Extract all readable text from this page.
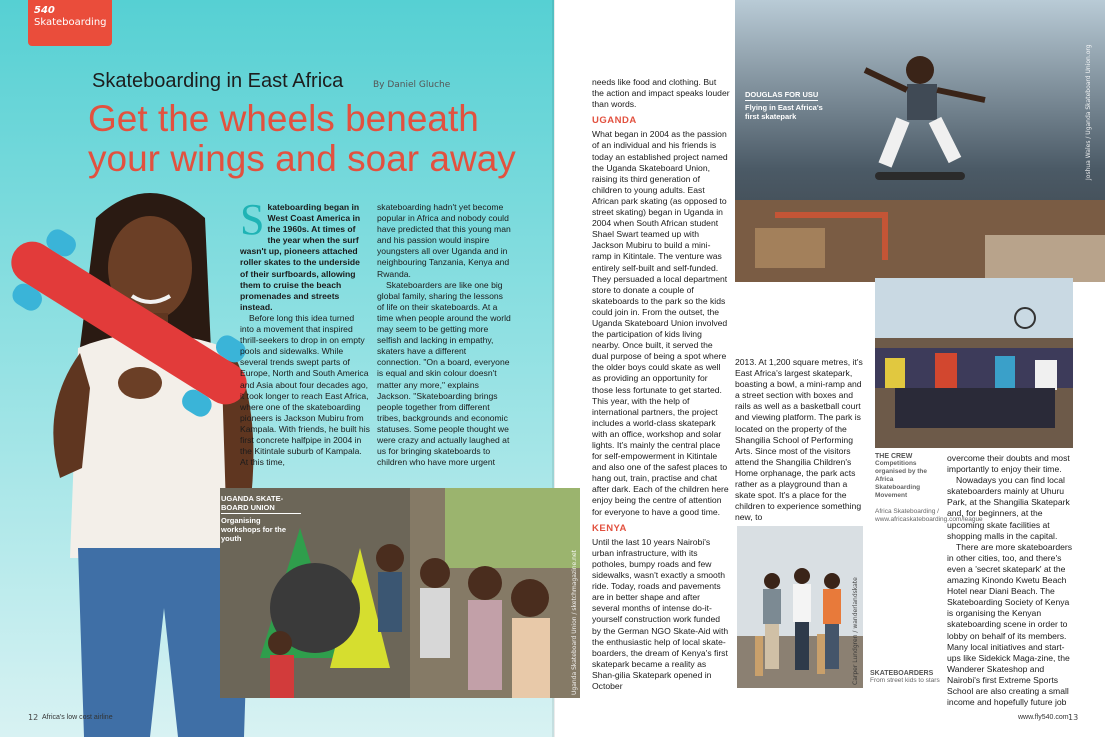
540
Skateboarding
Skateboarding in East Africa	By Daniel Gluche
Get the wheels beneath
your wings and soar away
S kateboarding began in West Coast America in the 1960s. At times of the year when the surf wasn't up, pioneers attached roller skates to the underside of their surfboards, allowing them to cruise the beach promenades and streets instead.

Before long this idea turned into a movement that inspired thrill-seekers to drop in on empty pools and sidewalks. While several trends swept parts of Europe, North and South America and Asia about four decades ago, it took longer to reach East Africa, where one of the skateboarding pioneers is Jackson Mubiru from Kampala. With friends, he built his first concrete halfpipe in 2004 in the Kitintale suburb of Kampala. At this time,

skateboarding hadn't yet become popular in Africa and nobody could have predicted that this young man and his passion would inspire youngsters all over Uganda and in neighbouring Tanzania, Kenya and Rwanda.

Skateboarders are like one big global family, sharing the lessons of life on their skateboards. At a time when people around the world may seem to be getting more selfish and lacking in empathy, skaters have a different connection. "On a board, everyone is equal and skin colour doesn't matter any more," explains Jackson. "Skateboarding brings people together from different tribes, backgrounds and economic statuses. Some people thought we were crazy and actually laughed at us for bringing skateboards to children who have more urgent

UGANDA SKATE-BOARD UNION
Organising workshops for the youth
Uganda Skateboard Union / sketchmagazine.net

needs like food and clothing. But the action and impact speaks louder than words.

UGANDA

What began in 2004 as the passion of an individual and his friends is today an established project named the Uganda Skateboard Union, raising its third generation of children to young adults. East African park skating (as opposed to street skating) began in Uganda in 2004 when South African student Shael Swart teamed up with Jackson Mubiru to build a mini-ramp in Kitintale. The venture was entirely self-built and self-funded. They persuaded a local department store to donate a couple of skateboards to the park so the kids could join in. From the outset, the Uganda Skateboard Union involved the participation of kids living nearby. Once built, it served the dual purpose of being a spot where the older boys could skate as well as providing an opportunity for those less fortunate to get started. This year, with the help of international partners, the project includes a world-class skatepark with an office, workshop and solar lights. It's mainly the central place for self-empowerment in Kitintale and also one of the safest places to hang out, train, practise and chat after dark. Each of the children here enjoy being the centre of attention for everyone to have a good time.

KENYA

Until the last 10 years Nairobi's urban infrastructure, with its potholes, bumpy roads and few sidewalks, wasn't exactly a smooth ride. Today, roads and pavements are in better shape and after several months of intense do-it-yourself construction work funded by the German NGO Skate-Aid with the enthusiastic help of local skate-boarders, the dream of Kenya's first skatepark became a reality as Shan-gilia Skatepark opened in October

DOUGLAS FOR USU
Flying in East Africa's first skatepark	Joshua Wales / Uganda Skateboard Union.org

2013. At 1,200 square metres, it's East Africa's largest skatepark, boasting a bowl, a mini-ramp and a street section with boxes and rails as well as a basketball court and viewing platform. The park is located on the property of the Shangilia School of Performing Arts. Since most of the visitors attend the Shangilia Children's Home orphanage, the park acts rather as a playground than a skate spot. It's a place for the children to experience something new, to

Carper Lundgren / wanderlandskate SKATEBOARDERS
From street kids to stars
THE CREW
Competitions organised by the Africa Skateboarding Movement
Africa Skateboarding / www.africaskateboarding.com/league

overcome their doubts and most importantly to enjoy their time.

Nowadays you can find local skateboarders mainly at Uhuru Park, at the Shangilia Skatepark and, for beginners, at the upcoming skate facilities at shopping malls in the capital.

There are more skateboarders in other cities, too, and there's even a 'secret skatepark' at the amazing Kinondo Kwetu Beach Hotel near Diani Beach. The Skateboarding Society of Kenya is organising the Kenyan skateboarding scene in order to lobby on behalf of its members. Many local initiatives and start-ups like Sidekick Maga-zine, the Wanderer Skateshop and Nairobi's first Extreme Sports School are also creating a small income and hopefully future job

12 Africa's low cost airline	www.fly540.com 13
